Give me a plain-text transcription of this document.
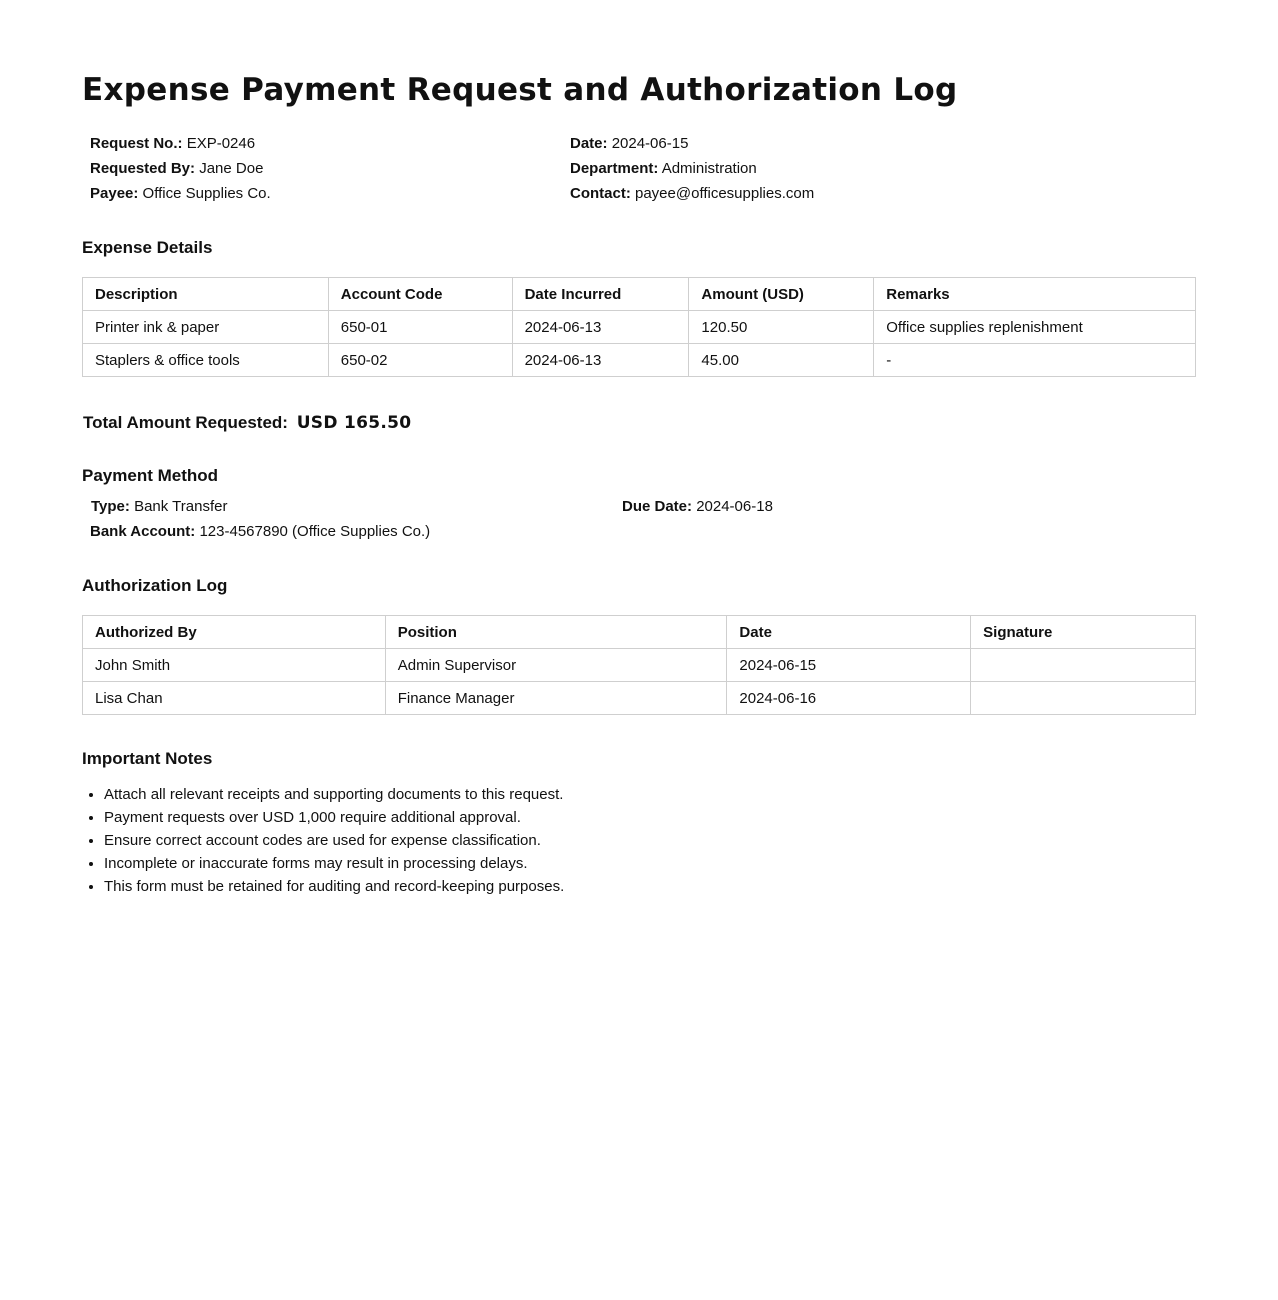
Expense Payment Request and Authorization Log
Request No.: EXP-0246	Date: 2024-06-15
Requested By: Jane Doe	Department: Administration
Payee: Office Supplies Co.	Contact: payee@officesupplies.com
Expense Details
Description	Account Code	Date Incurred	Amount (USD)	Remarks
Printer ink & paper	650-01	2024-06-13	120.50	Office supplies replenishment
Staplers & office tools	650-02	2024-06-13	45.00	-
Total Amount Requested: USD 165.50
Payment Method
Type: Bank Transfer	Due Date: 2024-06-18
Bank Account: 123-4567890 (Office Supplies Co.)
Authorization Log
Authorized By	Position	Date	Signature
John Smith	Admin Supervisor	2024-06-15	
Lisa Chan	Finance Manager	2024-06-16	
Important Notes
• Attach all relevant receipts and supporting documents to this request.
• Payment requests over USD 1,000 require additional approval.
• Ensure correct account codes are used for expense classification.
• Incomplete or inaccurate forms may result in processing delays.
• This form must be retained for auditing and record-keeping purposes.
